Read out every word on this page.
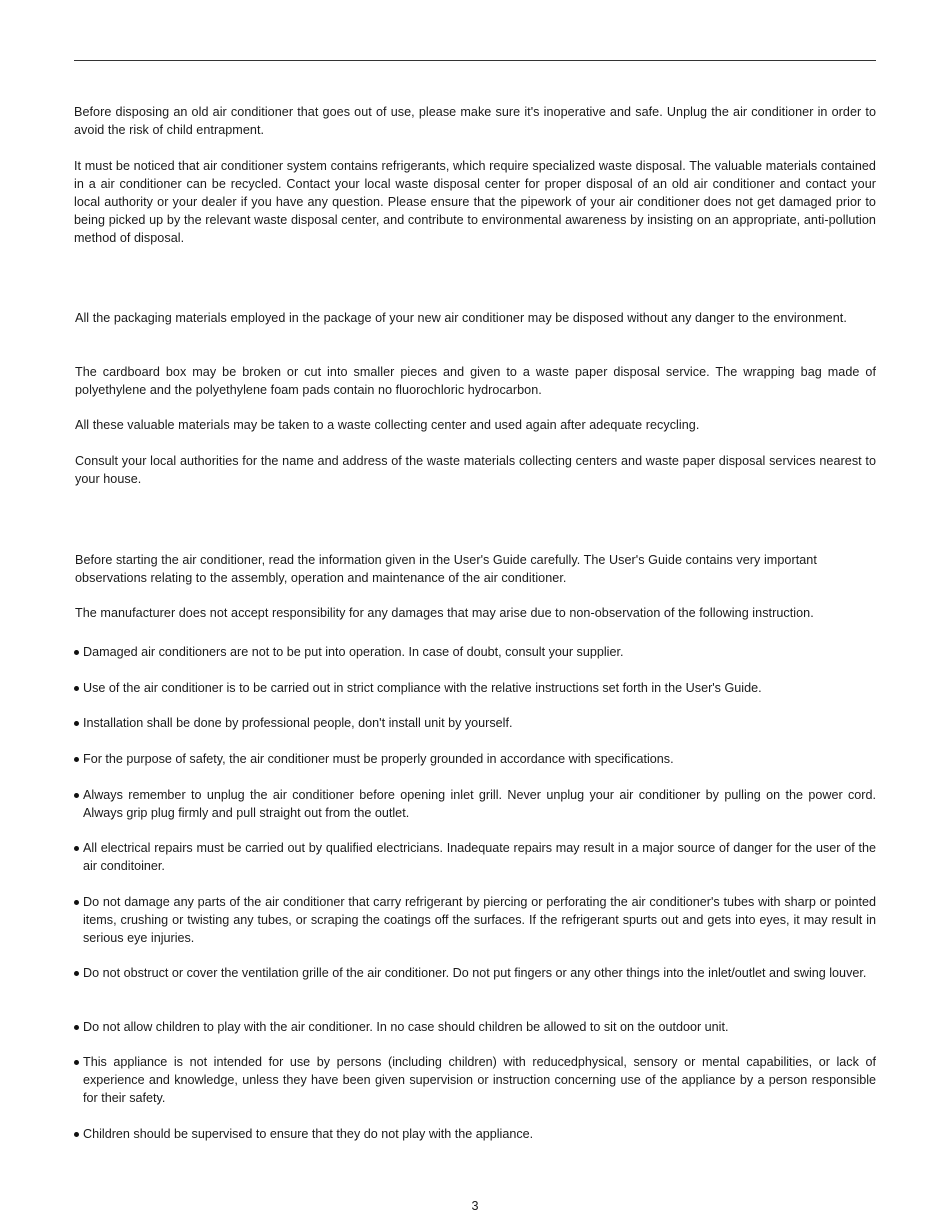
Before disposing an old air conditioner that goes out of use, please make sure it's inoperative and safe. Unplug the air conditioner in order to avoid the risk of child entrapment.

It must be noticed that air conditioner system contains refrigerants, which require specialized waste disposal. The valuable materials contained in a air conditioner can be recycled. Contact your local waste disposal center for proper disposal of an old air conditioner and contact your local authority or your dealer if you have any question. Please ensure that the pipework of your air conditioner does not get damaged prior to being picked up by the relevant waste disposal center, and contribute to environmental awareness by insisting on an appropriate, anti-pollution method of disposal.

All the packaging materials employed in the package of your new air conditioner may be disposed without any danger to the environment.

The cardboard box may be broken or cut into smaller pieces and given to a waste paper disposal service. The wrapping bag made of polyethylene and the polyethylene foam pads contain no fluorochloric hydrocarbon.

All these valuable materials may be taken to a waste collecting center and used again after adequate recycling.

Consult your local authorities for the name and address of the waste materials collecting centers and waste paper disposal services nearest to your house.

Before starting the air conditioner, read the information given in the User's Guide carefully. The User's Guide contains very important observations relating to the assembly, operation and maintenance of the air conditioner.

The manufacturer does not accept responsibility for any damages that may arise due to non-observation of the following instruction.

Damaged air conditioners are not to be put into operation. In case of doubt, consult your supplier.
Use of the air conditioner is to be carried out in strict compliance with the relative instructions set forth in the User's Guide.
Installation shall be done by professional people, don't install unit by yourself.
For the purpose of safety, the air conditioner must be properly grounded in accordance with specifications.
Always remember to unplug the air conditioner before opening inlet grill. Never unplug your air conditioner by pulling on the power cord. Always grip plug firmly and pull straight out from the outlet.
All electrical repairs must be carried out by qualified electricians. Inadequate repairs may result in a major source of danger for the user of the air conditoiner.
Do not damage any parts of the air conditioner that carry refrigerant by piercing or perforating the air conditioner's tubes with sharp or pointed items, crushing or twisting any tubes, or scraping the coatings off the surfaces. If the refrigerant spurts out and gets into eyes, it may result in serious eye injuries.
Do not obstruct or cover the ventilation grille of the air conditioner. Do not put fingers or any other things into the inlet/outlet and swing louver.
Do not allow children to play with the air conditioner. In no case should children be allowed to sit on the outdoor unit.
This appliance is not intended for use by persons (including children) with reducedphysical, sensory or mental capabilities, or lack of experience and knowledge, unless they have been given supervision or instruction concerning use of the appliance by a person responsible for their safety.
Children should be supervised to ensure that they do not play with the appliance.
3
